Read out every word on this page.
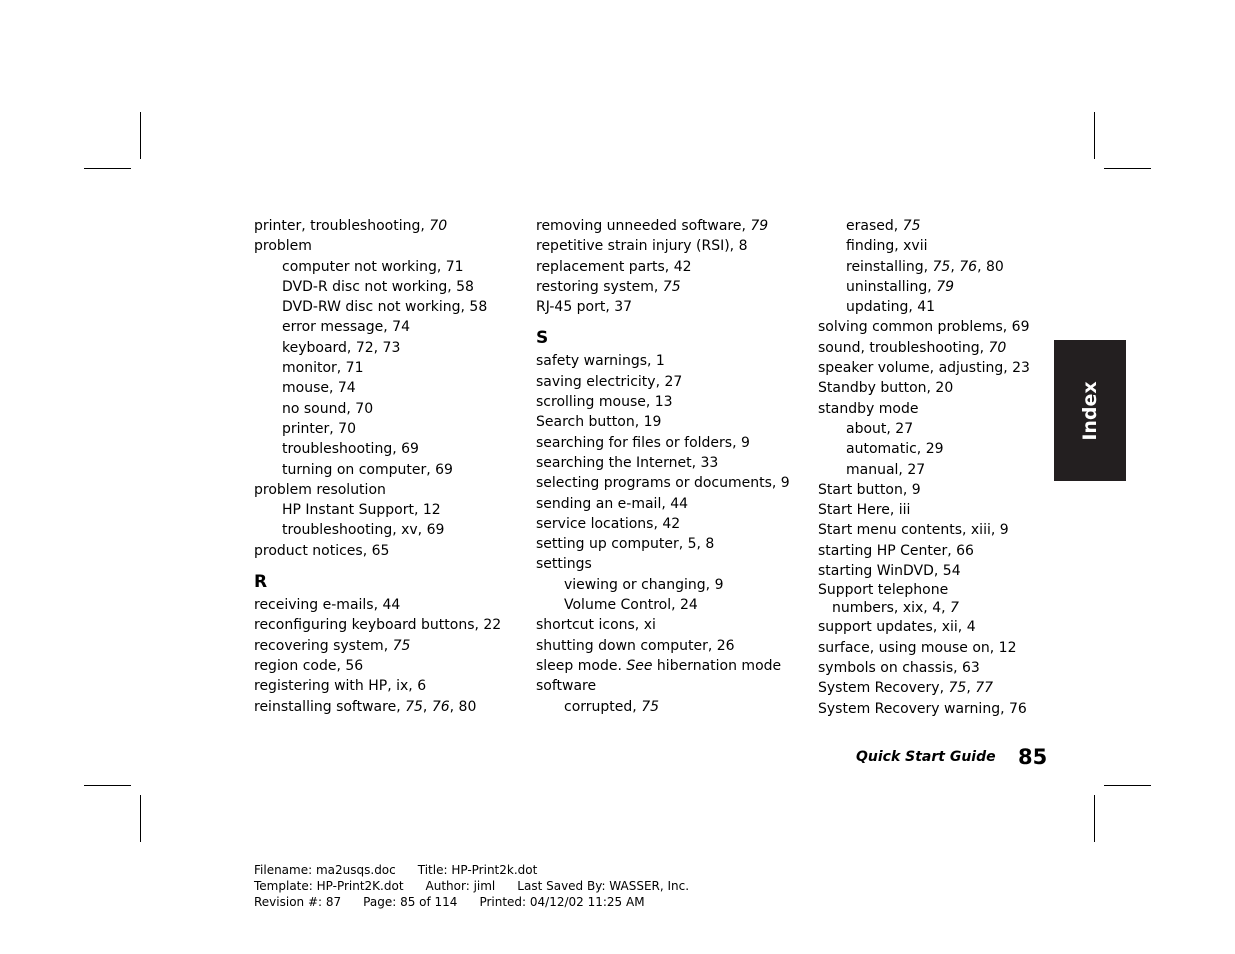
printer, troubleshooting, 70
problem
computer not working, 71
DVD-R disc not working, 58
DVD-RW disc not working, 58
error message, 74
keyboard, 72, 73
monitor, 71
mouse, 74
no sound, 70
printer, 70
troubleshooting, 69
turning on computer, 69
problem resolution
HP Instant Support, 12
troubleshooting, xv, 69
product notices, 65
R
receiving e-mails, 44
reconfiguring keyboard buttons, 22
recovering system, 75
region code, 56
registering with HP, ix, 6
reinstalling software, 75, 76, 80
removing unneeded software, 79
repetitive strain injury (RSI), 8
replacement parts, 42
restoring system, 75
RJ-45 port, 37
S
safety warnings, 1
saving electricity, 27
scrolling mouse, 13
Search button, 19
searching for files or folders, 9
searching the Internet, 33
selecting programs or documents, 9
sending an e-mail, 44
service locations, 42
setting up computer, 5, 8
settings
viewing or changing, 9
Volume Control, 24
shortcut icons, xi
shutting down computer, 26
sleep mode. See hibernation mode
software
corrupted, 75
erased, 75
finding, xvii
reinstalling, 75, 76, 80
uninstalling, 79
updating, 41
solving common problems, 69
sound, troubleshooting, 70
speaker volume, adjusting, 23
Standby button, 20
standby mode
about, 27
automatic, 29
manual, 27
Start button, 9
Start Here, iii
Start menu contents, xiii, 9
starting HP Center, 66
starting WinDVD, 54
Support telephone
numbers, xix, 4, 7
support updates, xii, 4
surface, using mouse on, 12
symbols on chassis, 63
System Recovery, 75, 77
System Recovery warning, 76
Index
Quick Start Guide 85
Filename: ma2usqs.doc Title: HP-Print2k.dot
Template: HP-Print2K.dot Author: jiml Last Saved By: WASSER, Inc.
Revision #: 87 Page: 85 of 114 Printed: 04/12/02 11:25 AM
